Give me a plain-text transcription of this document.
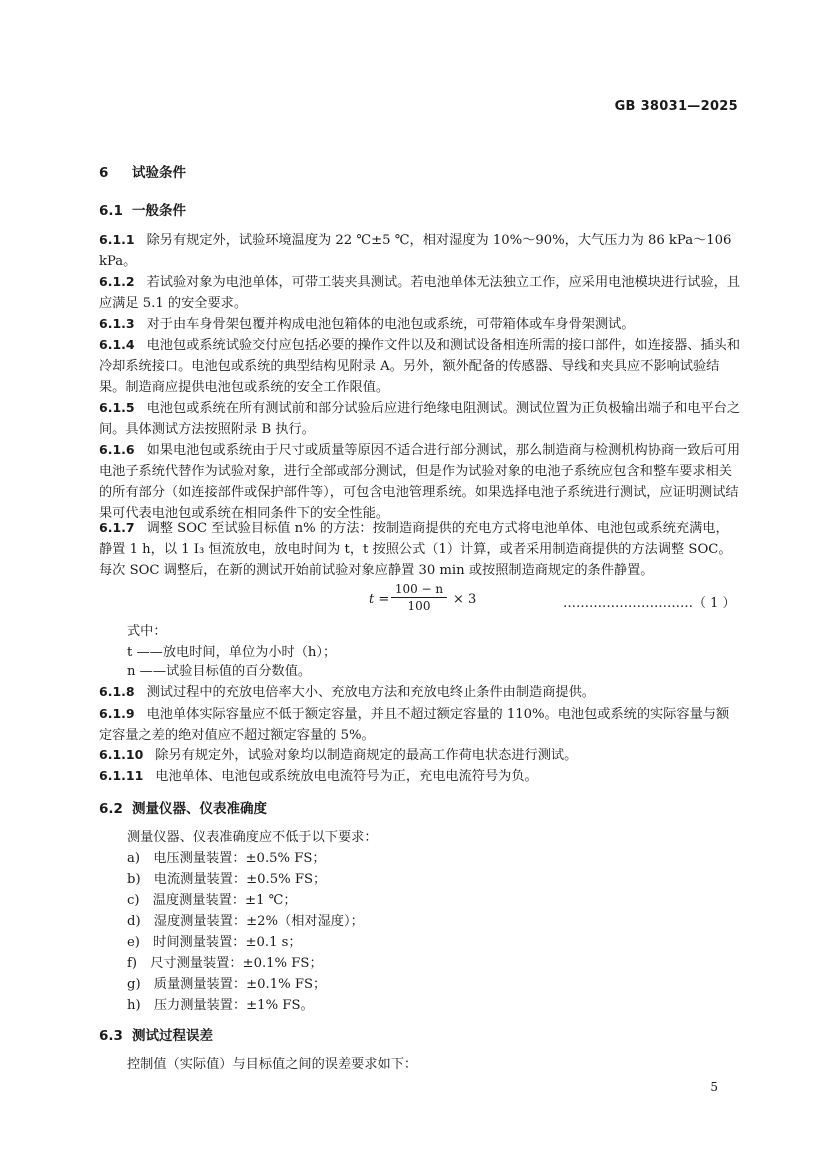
GB 38031—2025
6 试验条件
6.1 一般条件
6.1.1 除另有规定外，试验环境温度为 22 ℃±5 ℃，相对湿度为 10%～90%，大气压力为 86 kPa～106 kPa。
6.1.2 若试验对象为电池单体，可带工装夹具测试。若电池单体无法独立工作，应采用电池模块进行试验，且应满足 5.1 的安全要求。
6.1.3 对于由车身骨架包覆并构成电池包箱体的电池包或系统，可带箱体或车身骨架测试。
6.1.4 电池包或系统试验交付应包括必要的操作文件以及和测试设备相连所需的接口部件，如连接器、插头和冷却系统接口。电池包或系统的典型结构见附录 A。另外，额外配备的传感器、导线和夹具应不影响试验结果。制造商应提供电池包或系统的安全工作限值。
6.1.5 电池包或系统在所有测试前和部分试验后应进行绝缘电阻测试。测试位置为正负极输出端子和电平台之间。具体测试方法按照附录 B 执行。
6.1.6 如果电池包或系统由于尺寸或质量等原因不适合进行部分测试，那么制造商与检测机构协商一致后可用电池子系统代替作为试验对象，进行全部或部分测试，但是作为试验对象的电池子系统应包含和整车要求相关的所有部分（如连接部件或保护部件等），可包含电池管理系统。如果选择电池子系统进行测试，应证明测试结果可代表电池包或系统在相同条件下的安全性能。
6.1.7 调整 SOC 至试验目标值 n% 的方法：按制造商提供的充电方式将电池单体、电池包或系统充满电，静置 1 h，以 1 I₃ 恒流放电，放电时间为 t，t 按照公式（1）计算，或者采用制造商提供的方法调整 SOC。每次 SOC 调整后，在新的测试开始前试验对象应静置 30 min 或按照制造商规定的条件静置。
$t = \frac{100 - n}{100} \times 3$	…………………………（ 1 ）
式中：
t ——放电时间，单位为小时（h）；
n ——试验目标值的百分数值。
6.1.8 测试过程中的充放电倍率大小、充放电方法和充放电终止条件由制造商提供。
6.1.9 电池单体实际容量应不低于额定容量，并且不超过额定容量的 110%。电池包或系统的实际容量与额定容量之差的绝对值应不超过额定容量的 5%。
6.1.10 除另有规定外，试验对象均以制造商规定的最高工作荷电状态进行测试。
6.1.11 电池单体、电池包或系统放电电流符号为正，充电电流符号为负。
6.2 测量仪器、仪表准确度
测量仪器、仪表准确度应不低于以下要求：
a)　电压测量装置：±0.5% FS；
b)　电流测量装置：±0.5% FS；
c)　温度测量装置：±1 ℃；
d)　湿度测量装置：±2%（相对湿度）；
e)　时间测量装置：±0.1 s；
f)　尺寸测量装置：±0.1% FS；
g)　质量测量装置：±0.1% FS；
h)　压力测量装置：±1% FS。
6.3 测试过程误差
控制值（实际值）与目标值之间的误差要求如下：
5
